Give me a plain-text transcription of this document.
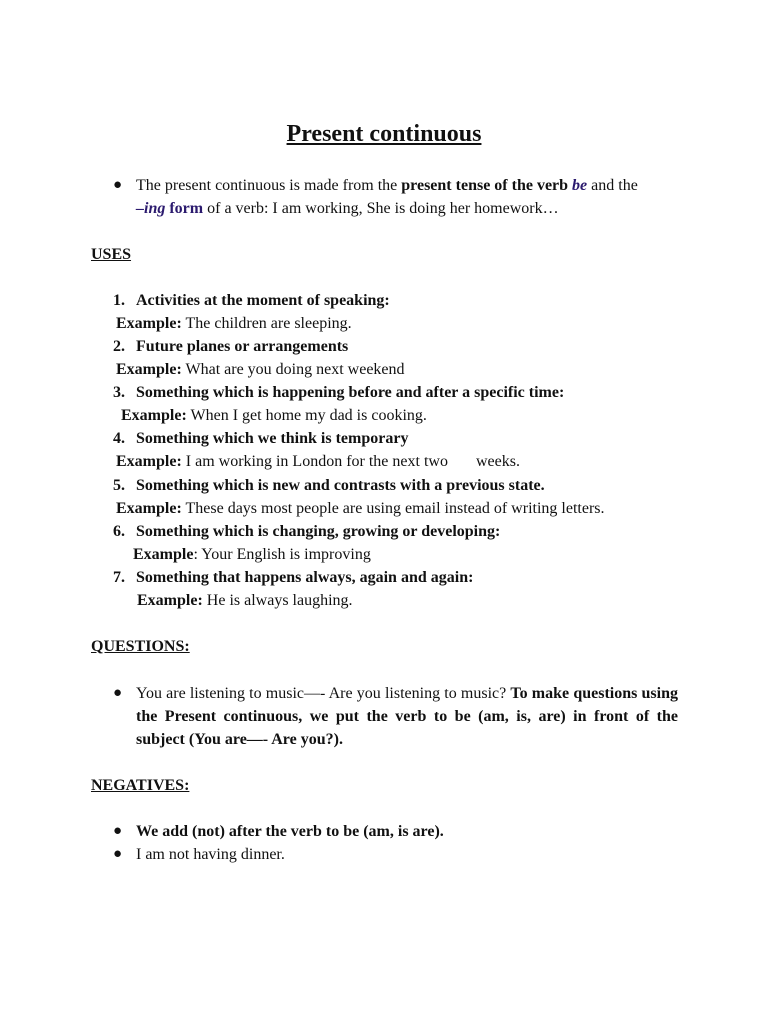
Present continuous
● The present continuous is made from the present tense of the verb be and the
–ing form of a verb: I am working, She is doing her homework…
USES
1. Activities at the moment of speaking:
Example: The children are sleeping.
2. Future planes or arrangements
Example: What are you doing next weekend
3. Something which is happening before and after a specific time:
Example: When I get home my dad is cooking.
4. Something which we think is temporary
Example: I am working in London for the next two       weeks.
5. Something which is new and contrasts with a previous state.
Example: These days most people are using email instead of writing letters.
6. Something which is changing, growing or developing:
Example: Your English is improving
7. Something that happens always, again and again:
Example: He is always laughing.
QUESTIONS:
● You are listening to music—- Are you listening to music? To make questions using the Present continuous, we put the verb to be (am, is, are) in front of the subject (You are—- Are you?).
NEGATIVES:
● We add (not) after the verb to be (am, is are).
● I am not having dinner.
